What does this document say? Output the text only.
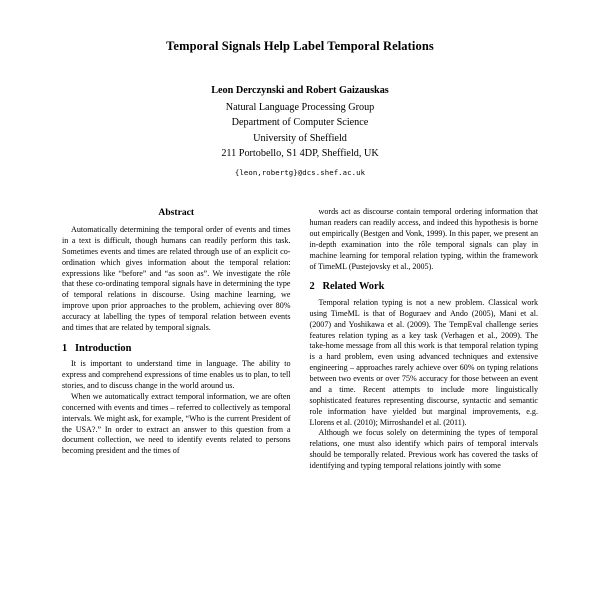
Temporal Signals Help Label Temporal Relations
Leon Derczynski and Robert Gaizauskas
Natural Language Processing Group
Department of Computer Science
University of Sheffield
211 Portobello, S1 4DP, Sheffield, UK
{leon,robertg}@dcs.shef.ac.uk
Abstract

Automatically determining the temporal order of events and times in a text is difficult, though humans can readily perform this task. Sometimes events and times are related through use of an explicit co-ordination which gives information about the temporal relation: expressions like “before” and “as soon as”. We investigate the rôle that these co-ordinating temporal signals have in determining the type of temporal relations in discourse. Using machine learning, we improve upon prior approaches to the problem, achieving over 80% accuracy at labelling the types of temporal relation between events and times that are related by temporal signals.

1 Introduction

It is important to understand time in language. The ability to express and comprehend expressions of time enables us to plan, to tell stories, and to discuss change in the world around us.

When we automatically extract temporal information, we are often concerned with events and times – referred to collectively as temporal intervals. We might ask, for example, “Who is the current President of the USA?.” In order to extract an answer to this question from a document collection, we need to identify events related to persons becoming president and the times of

words act as discourse contain temporal ordering information that human readers can readily access, and indeed this hypothesis is borne out empirically (Bestgen and Vonk, 1999). In this paper, we present an in-depth examination into the rôle temporal signals can play in machine learning for temporal relation typing, within the framework of TimeML (Pustejovsky et al., 2005).

2 Related Work

Temporal relation typing is not a new problem. Classical work using TimeML is that of Boguraev and Ando (2005), Mani et al. (2007) and Yoshikawa et al. (2009). The TempEval challenge series features relation typing as a key task (Verhagen et al., 2009). The take-home message from all this work is that temporal relation typing is a hard problem, even using advanced techniques and extensive engineering – approaches rarely achieve over 60% on typing relations between two events or over 75% accuracy for those between an event and a time. Recent attempts to include more linguistically sophisticated features representing discourse, syntactic and semantic role information have yielded but marginal improvements, e.g. Llorens et al. (2010); Mirroshandel et al. (2011).

Although we focus solely on determining the types of temporal relations, one must also identify which pairs of temporal intervals should be temporally related. Previous work has covered the tasks of identifying and typing temporal relations jointly with some
